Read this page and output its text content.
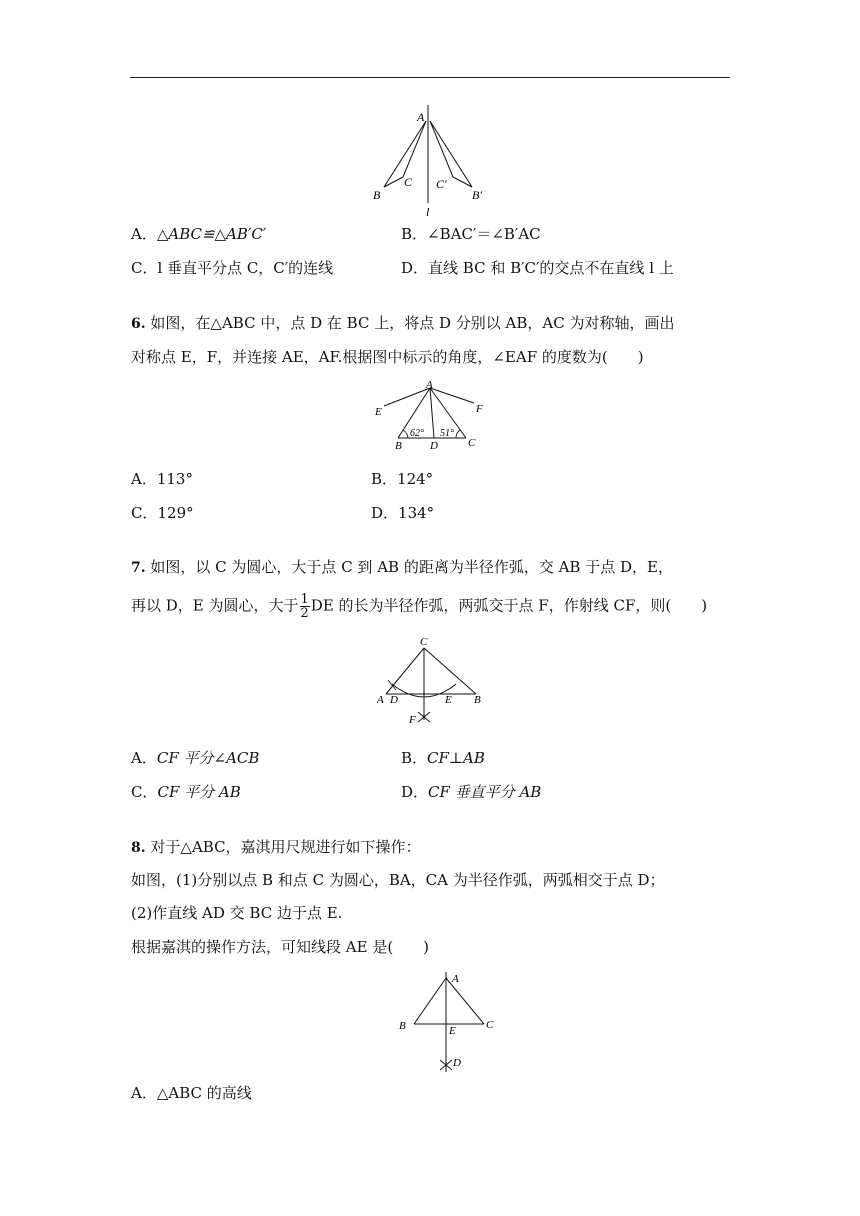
A
B
C C′
B′
l
A．△ABC≌△AB′C′	B．∠BAC′＝∠B′AC
C．l 垂直平分点 C，C′的连线	D．直线 BC 和 B′C′的交点不在直线 l 上
6. 如图，在△ABC 中，点 D 在 BC 上，将点 D 分别以 AB，AC 为对称轴，画出
对称点 E，F，并连接 AE，AF.根据图中标示的角度，∠EAF 的度数为(　　)
A
E	F
B	D	C
62° 51°
A．113°	B．124°
C．129°	D．134°
7. 如图，以 C 为圆心，大于点 C 到 AB 的距离为半径作弧，交 AB 于点 D，E，
再以 D，E 为圆心，大于 $\frac{1}{2}$ DE 的长为半径作弧，两弧交于点 F，作射线 CF，则(　　)
C
A D	E B
F
A．CF 平分∠ACB	B．CF⊥AB
C．CF 平分 AB	D．CF 垂直平分 AB
8. 对于△ABC，嘉淇用尺规进行如下操作：
如图，(1)分别以点 B 和点 C 为圆心，BA，CA 为半径作弧，两弧相交于点 D；
(2)作直线 AD 交 BC 边于点 E.
根据嘉淇的操作方法，可知线段 AE 是(　　)
A
B	C
E
D
A．△ABC 的高线
